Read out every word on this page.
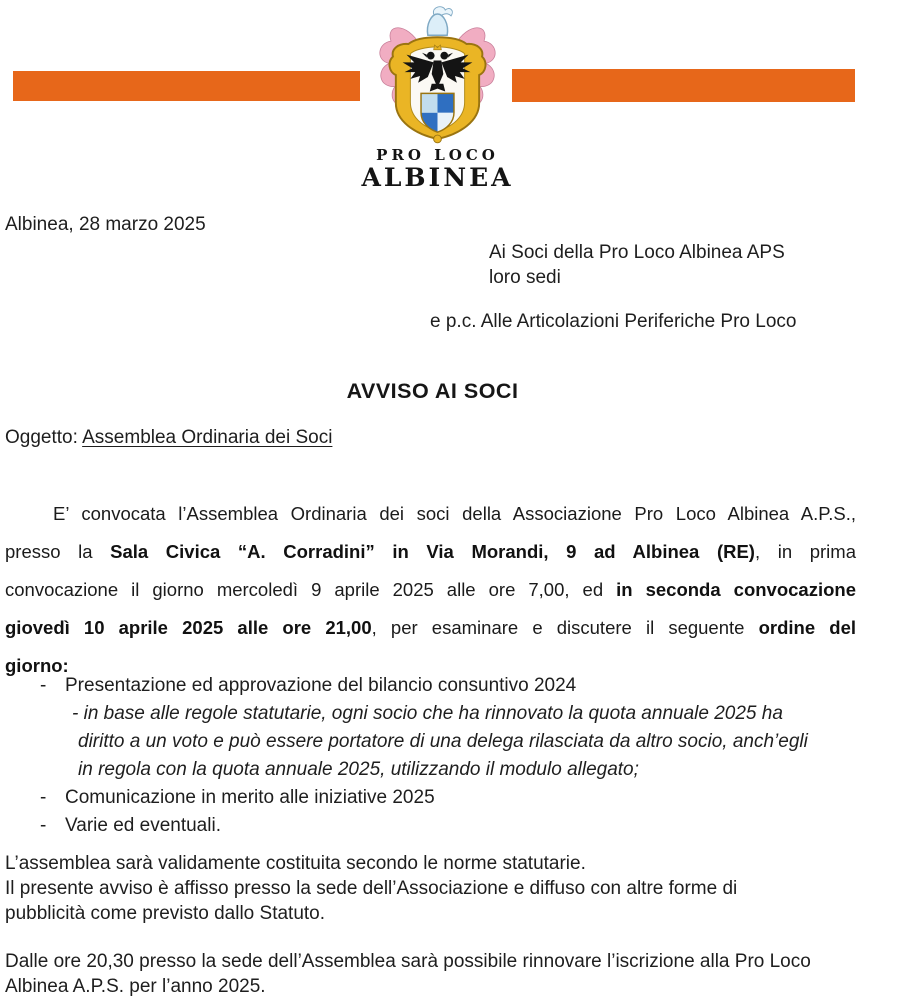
PRO LOCO
ALBINEA
Albinea, 28 marzo 2025
Ai Soci della Pro Loco Albinea APS
loro sedi
e p.c. Alle Articolazioni Periferiche Pro Loco
AVVISO AI SOCI
Oggetto: Assemblea Ordinaria dei Soci
E’ convocata l’Assemblea Ordinaria dei soci della Associazione Pro Loco Albinea A.P.S.,
presso la Sala Civica “A. Corradini” in Via Morandi, 9 ad Albinea (RE), in prima
convocazione il giorno mercoledì 9 aprile 2025 alle ore 7,00, ed in seconda convocazione
giovedì 10 aprile 2025 alle ore 21,00, per esaminare e discutere il seguente ordine del
giorno:
- Presentazione ed approvazione del bilancio consuntivo 2024
- in base alle regole statutarie, ogni socio che ha rinnovato la quota annuale 2025 ha
diritto a un voto e può essere portatore di una delega rilasciata da altro socio, anch’egli
in regola con la quota annuale 2025, utilizzando il modulo allegato;
- Comunicazione in merito alle iniziative 2025
- Varie ed eventuali.
L’assemblea sarà validamente costituita secondo le norme statutarie.
Il presente avviso è affisso presso la sede dell’Associazione e diffuso con altre forme di
pubblicità come previsto dallo Statuto.
Dalle ore 20,30 presso la sede dell’Assemblea sarà possibile rinnovare l’iscrizione alla Pro Loco
Albinea A.P.S. per l’anno 2025.
